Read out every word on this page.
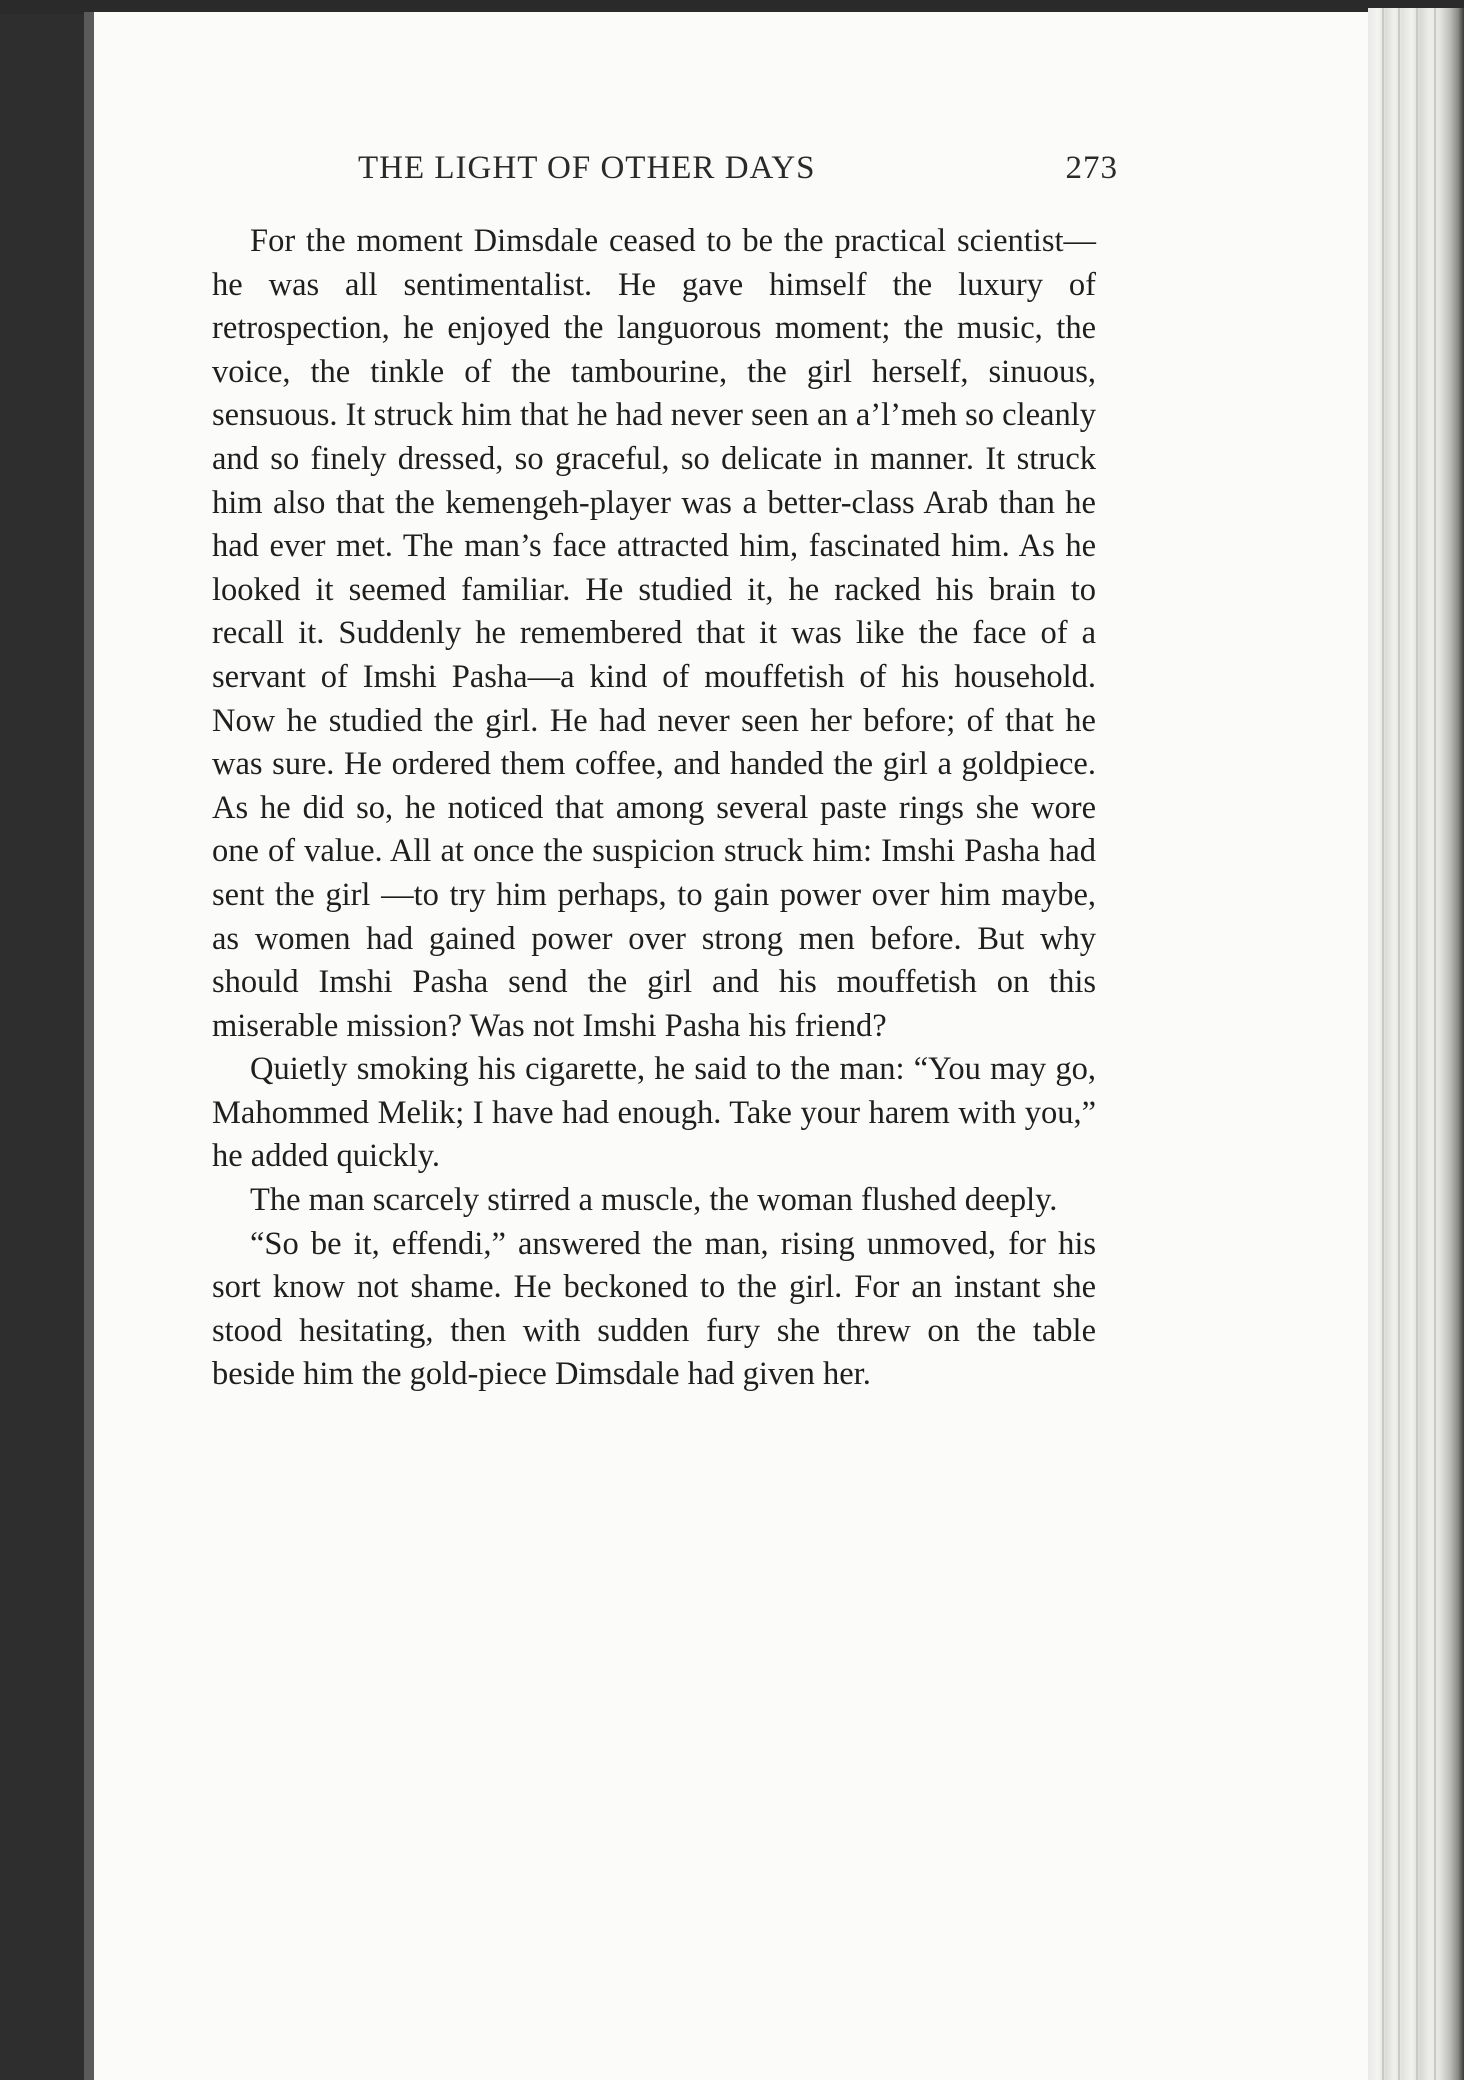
THE LIGHT OF OTHER DAYS	273

For the moment Dimsdale ceased to be the practical scientist—he was all sentimentalist. He gave himself the luxury of retrospection, he enjoyed the languorous moment; the music, the voice, the tinkle of the tambourine, the girl herself, sinuous, sensuous. It struck him that he had never seen an a’l’meh so cleanly and so finely dressed, so graceful, so delicate in manner. It struck him also that the kemengeh-player was a better-class Arab than he had ever met. The man’s face attracted him, fascinated him. As he looked it seemed familiar. He studied it, he racked his brain to recall it. Suddenly he remembered that it was like the face of a servant of Imshi Pasha—a kind of mouffetish of his household. Now he studied the girl. He had never seen her before; of that he was sure. He ordered them coffee, and handed the girl a goldpiece. As he did so, he noticed that among several paste rings she wore one of value. All at once the suspicion struck him: Imshi Pasha had sent the girl —to try him perhaps, to gain power over him maybe, as women had gained power over strong men before. But why should Imshi Pasha send the girl and his mouffetish on this miserable mission? Was not Imshi Pasha his friend?

Quietly smoking his cigarette, he said to the man: “You may go, Mahommed Melik; I have had enough. Take your harem with you,” he added quickly.

The man scarcely stirred a muscle, the woman flushed deeply.

“So be it, effendi,” answered the man, rising unmoved, for his sort know not shame. He beckoned to the girl. For an instant she stood hesitating, then with sudden fury she threw on the table beside him the gold-piece Dimsdale had given her.
